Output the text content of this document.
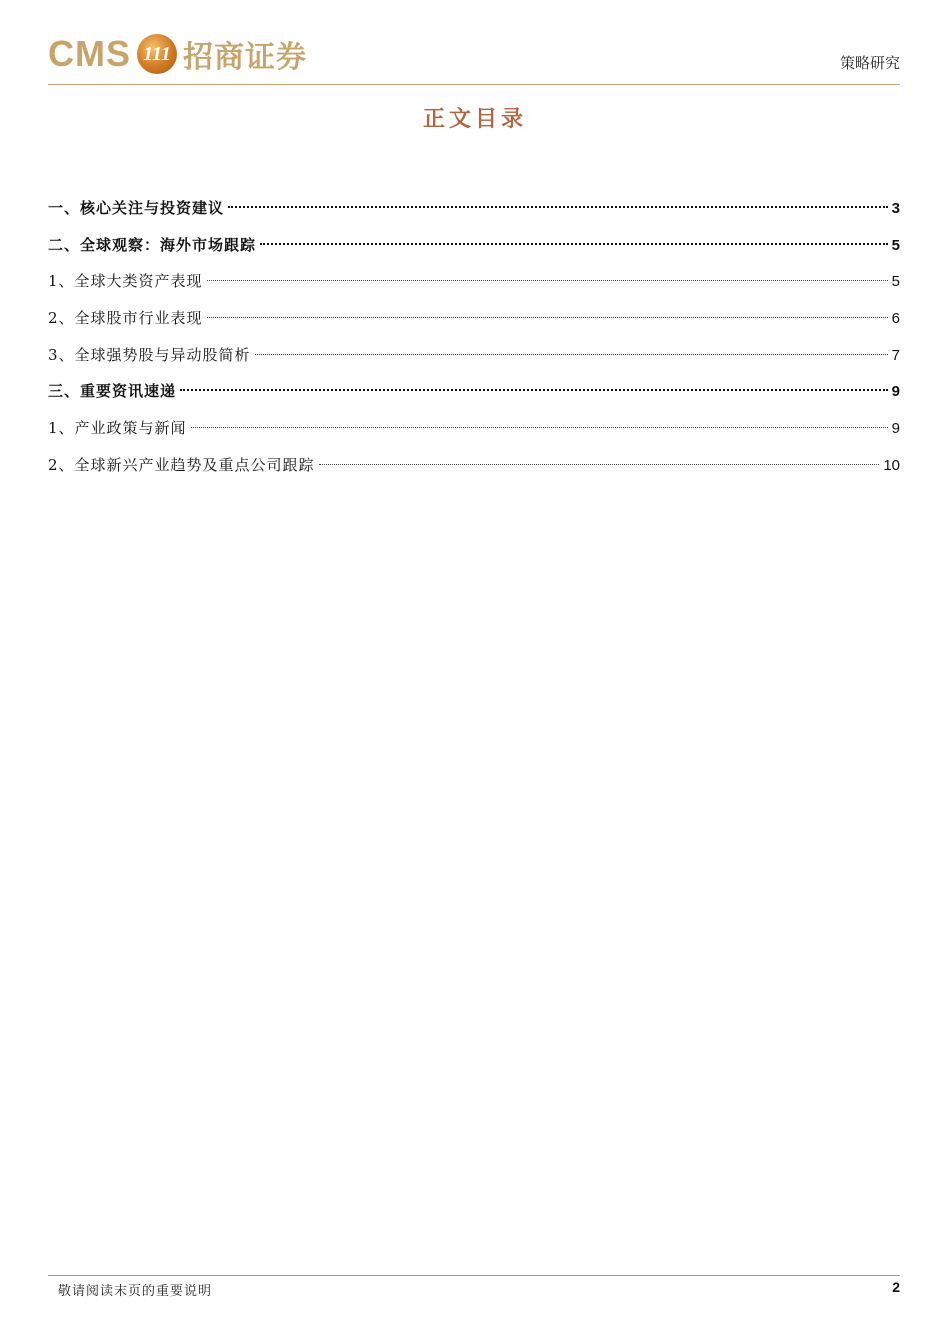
CMS 111 招商证券	策略研究
正文目录
一、核心关注与投资建议	3
二、全球观察：海外市场跟踪	5
1、全球大类资产表现	5
2、全球股市行业表现	6
3、全球强势股与异动股简析	7
三、重要资讯速递	9
1、产业政策与新闻	9
2、全球新兴产业趋势及重点公司跟踪	10
敬请阅读末页的重要说明	2
